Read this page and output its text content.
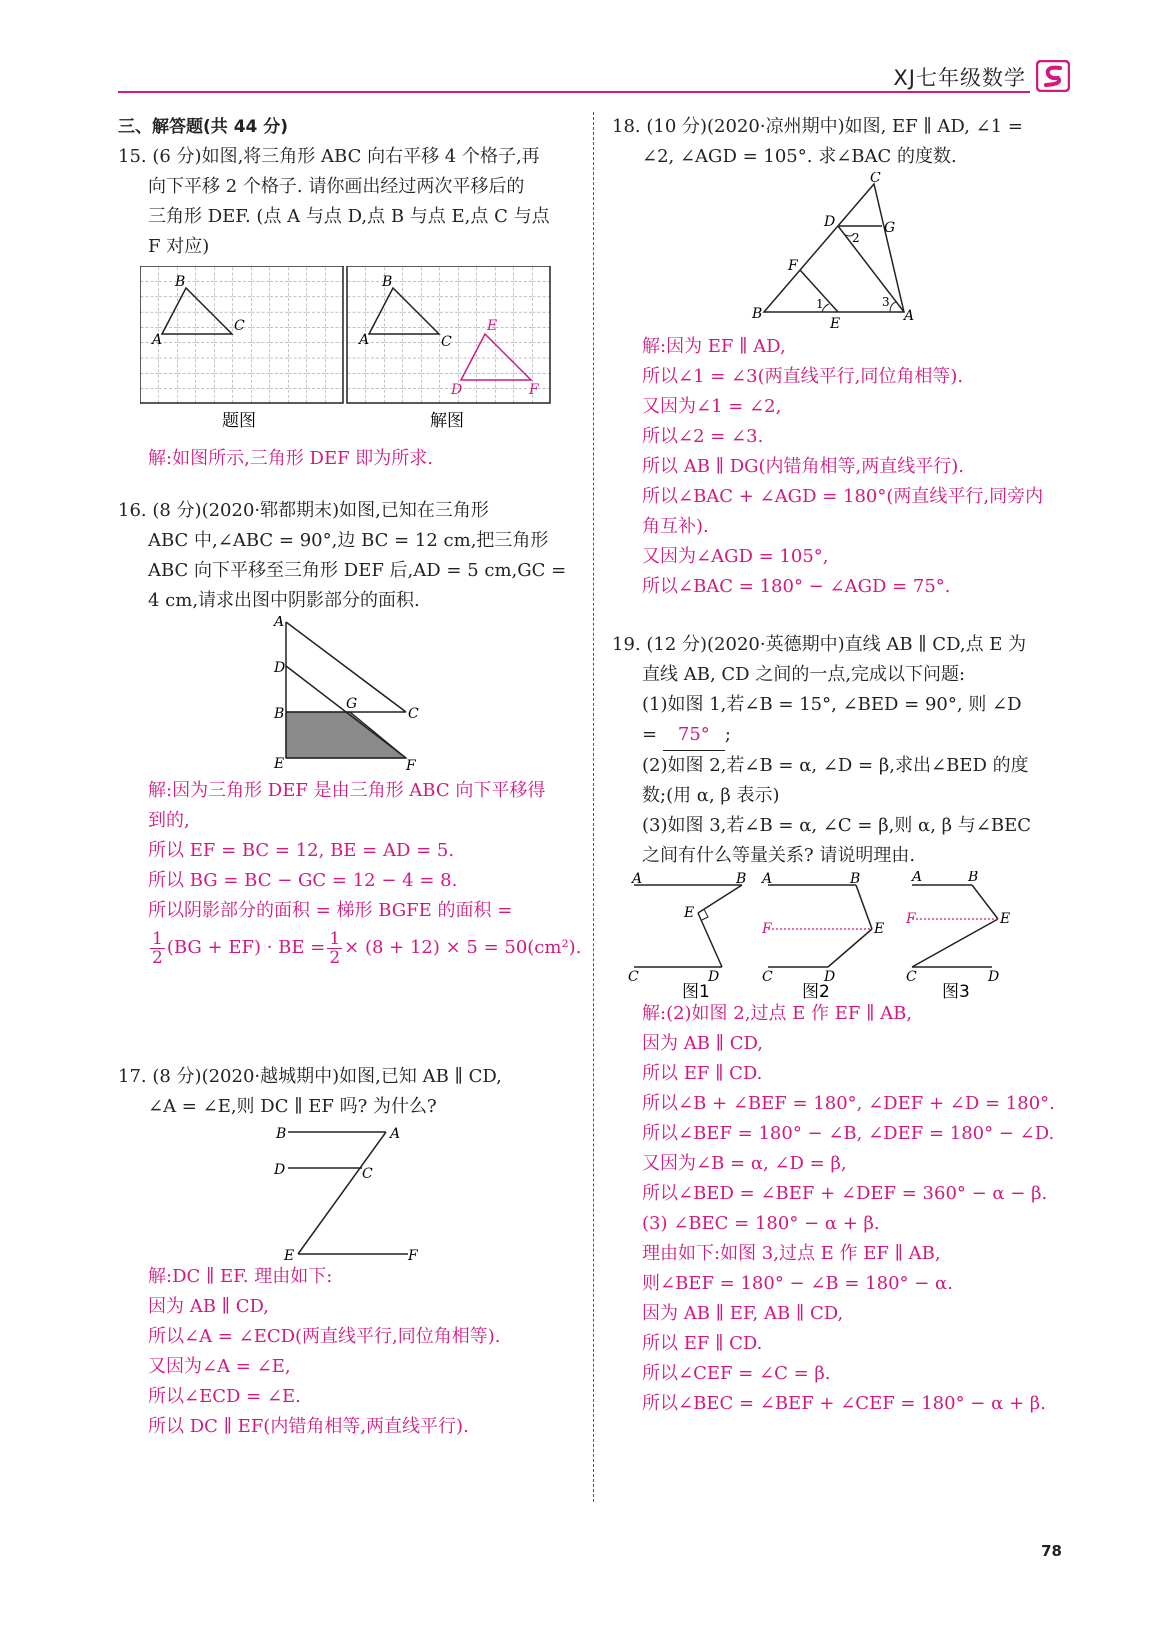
XJ七年级数学

三、解答题(共 44 分)

15. (6 分)如图,将三角形 ABC 向右平移 4 个格子,再

向下平移 2 个格子. 请你画出经过两次平移后的

三角形 DEF. (点 A 与点 D,点 B 与点 E,点 C 与点

F 对应)

A
B
C
A
B
C
D
E
F
题图	解图

解:如图所示,三角形 DEF 即为所求.

16. (8 分)(2020·郓都期末)如图,已知在三角形

ABC 中,∠ABC = 90°,边 BC = 12 cm,把三角形

ABC 向下平移至三角形 DEF 后,AD = 5 cm,GC =

4 cm,请求出图中阴影部分的面积.

A
D
B
G
C
E	F

解:因为三角形 DEF 是由三角形 ABC 向下平移得

到的,

所以 EF = BC = 12, BE = AD = 5.

所以 BG = BC − GC = 12 − 4 = 8.

所以阴影部分的面积 = 梯形 BGFE 的面积 =

$\frac{1}{2} (BG + EF)$ · BE = $\frac{1}{2} \times (8 + 12) \times 5 = 50(cm^2)$.

17. (8 分)(2020·越城期中)如图,已知 AB ∥ CD,

∠A = ∠E,则 DC ∥ EF 吗? 为什么?

B	A
D	C
E	F

解:DC ∥ EF. 理由如下:

因为 AB ∥ CD,

所以∠A = ∠ECD(两直线平行,同位角相等).

又因为∠A = ∠E,

所以∠ECD = ∠E.

所以 DC ∥ EF(内错角相等,两直线平行).

18. (10 分)(2020·凉州期中)如图, EF ∥ AD, ∠1 =

∠2, ∠AGD = 105°. 求∠BAC 的度数.

C
D	G
F
B
E	A
1
2
3

解:因为 EF ∥ AD,

所以∠1 = ∠3(两直线平行,同位角相等).

又因为∠1 = ∠2,

所以∠2 = ∠3.

所以 AB ∥ DG(内错角相等,两直线平行).

所以∠BAC + ∠AGD = 180°(两直线平行,同旁内

角互补).

又因为∠AGD = 105°,

所以∠BAC = 180° − ∠AGD = 75°.

19. (12 分)(2020·英德期中)直线 AB ∥ CD,点 E 为

直线 AB, CD 之间的一点,完成以下问题:

(1)如图 1,若∠B = 15°, ∠BED = 90°, 则 ∠D

= 75° ;

(2)如图 2,若∠B = α, ∠D = β,求出∠BED 的度

数;(用 α, β 表示)

(3)如图 3,若∠B = α, ∠C = β,则 α, β 与∠BEC

之间有什么等量关系? 请说明理由.

A	B
E
C	D
图1
A	B
F	E
C	D
图2
A	B
F	E
C	D
图3

解:(2)如图 2,过点 E 作 EF ∥ AB,

因为 AB ∥ CD,

所以 EF ∥ CD.

所以∠B + ∠BEF = 180°, ∠DEF + ∠D = 180°.

所以∠BEF = 180° − ∠B, ∠DEF = 180° − ∠D.

又因为∠B = α, ∠D = β,

所以∠BED = ∠BEF + ∠DEF = 360° − α − β.

(3) ∠BEC = 180° − α + β.

理由如下:如图 3,过点 E 作 EF ∥ AB,

则∠BEF = 180° − ∠B = 180° − α.

因为 AB ∥ EF, AB ∥ CD,

所以 EF ∥ CD.

所以∠CEF = ∠C = β.

所以∠BEC = ∠BEF + ∠CEF = 180° − α + β.

78
